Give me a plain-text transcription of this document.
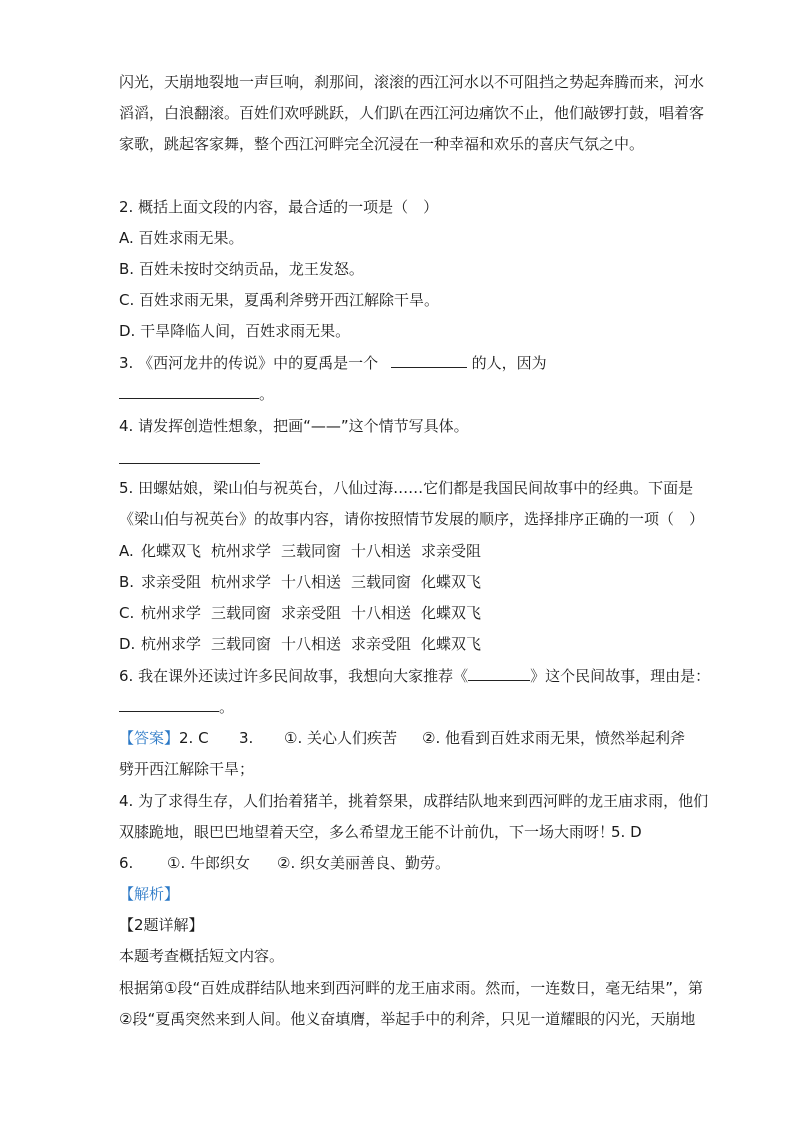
闪光，天崩地裂地一声巨响，刹那间，滚滚的西江河水以不可阻挡之势起奔腾而来，河水
滔滔，白浪翻滚。百姓们欢呼跳跃，人们趴在西江河边痛饮不止，他们敲锣打鼓，唱着客
家歌，跳起客家舞，整个西江河畔完全沉浸在一种幸福和欢乐的喜庆气氛之中。
2. 概括上面文段的内容，最合适的一项是（　）
A. 百姓求雨无果。
B. 百姓未按时交纳贡品，龙王发怒。
C. 百姓求雨无果，夏禹利斧劈开西江解除干旱。
D. 干旱降临人间，百姓求雨无果。
3. 《西河龙井的传说》中的夏禹是一个	的人，因为
。
4. 请发挥创造性想象，把画“——”这个情节写具体。
5. 田螺姑娘，梁山伯与祝英台，八仙过海……它们都是我国民间故事中的经典。下面是
《梁山伯与祝英台》的故事内容，请你按照情节发展的顺序，选择排序正确的一项（　）
A. 化蝶双飞 杭州求学 三载同窗 十八相送 求亲受阻
B. 求亲受阻 杭州求学 十八相送 三载同窗 化蝶双飞
C. 杭州求学 三载同窗 求亲受阻 十八相送 化蝶双飞
D. 杭州求学 三载同窗 十八相送 求亲受阻 化蝶双飞
6. 我在课外还读过许多民间故事，我想向大家推荐《	》这个民间故事，理由是：
。
【答案】2. C 3. ①. 关心人们疾苦 ②. 他看到百姓求雨无果，愤然举起利斧
劈开西江解除干旱；
4. 为了求得生存，人们抬着猪羊，挑着祭果，成群结队地来到西河畔的龙王庙求雨，他们
双膝跪地，眼巴巴地望着天空，多么希望龙王能不计前仇，下一场大雨呀！5. D
6. ①. 牛郎织女 ②. 织女美丽善良、勤劳。
【解析】
【2题详解】
本题考查概括短文内容。
根据第①段“百姓成群结队地来到西河畔的龙王庙求雨。然而，一连数日，毫无结果”，第
②段“夏禹突然来到人间。他义奋填膺，举起手中的利斧，只见一道耀眼的闪光，天崩地
